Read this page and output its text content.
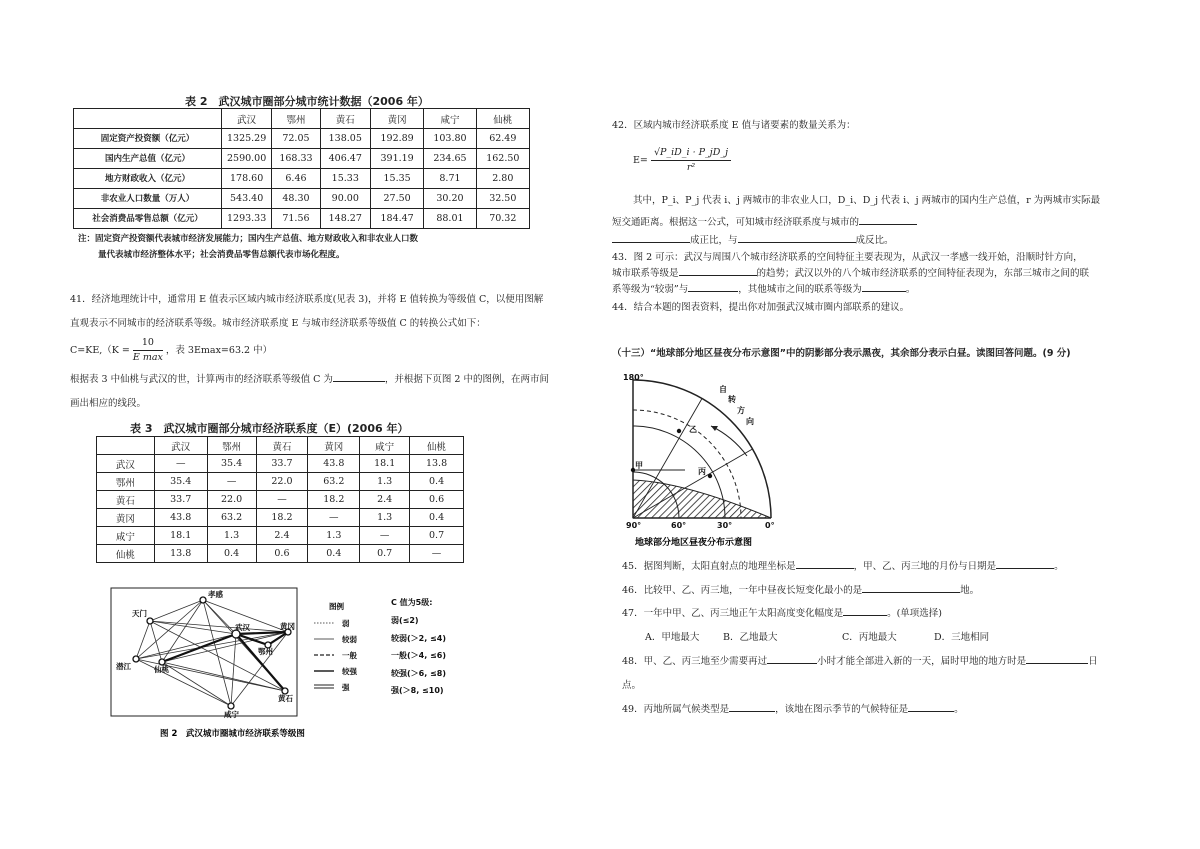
表 2　武汉城市圈部分城市统计数据（2006 年）
	武汉	鄂州	黄石	黄冈	咸宁	仙桃
固定资产投资额（亿元）	1325.29	72.05	138.05	192.89	103.80	62.49
国内生产总值（亿元）	2590.00	168.33	406.47	391.19	234.65	162.50
地方财政收入（亿元）	178.60	6.46	15.33	15.35	8.71	2.80
非农业人口数量（万人）	543.40	48.30	90.00	27.50	30.20	32.50
社会消费品零售总额（亿元）	1293.33	71.56	148.27	184.47	88.01	70.32
注：固定资产投资额代表城市经济发展能力；国内生产总值、地方财政收入和非农业人口数
量代表城市经济整体水平；社会消费品零售总额代表市场化程度。
41．经济地理统计中，通常用 E 值表示区域内城市经济联系度(见表 3)，并将 E 值转换为等级值 C，以便用图解
直观表示不同城市的经济联系等级。城市经济联系度 E 与城市经济联系等级值 C 的转换公式如下：
C=KE,（K =
10
E max
，表 3Emax=63.2 中）
根据表 3 中仙桃与武汉的世，计算两市的经济联系等级值 C 为	，并根据下页图 2 中的图例，在两市间
画出相应的线段。
表 3　武汉城市圈部分城市经济联系度（E）(2006 年）
	武汉	鄂州	黄石	黄冈	咸宁	仙桃
武汉	—	35.4	33.7	43.8	18.1	13.8
鄂州	35.4	—	22.0	63.2	1.3	0.4
黄石	33.7	22.0	—	18.2	2.4	0.6
黄冈	43.8	63.2	18.2	—	1.3	0.4
咸宁	18.1	1.3	2.4	1.3	—	0.7
仙桃	13.8	0.4	0.6	0.4	0.7	—
孝感
天门
武汉	黄冈
鄂州
潜江	仙桃
黄石
咸宁
图例
弱
较弱
一般
较强
强
C 值为5级:
弱(≤2)
较弱(＞2, ≤4)
一般(＞4, ≤6)
较强(＞6, ≤8)
强(＞8, ≤10)
图 2　武汉城市圈城市经济联系等级图
42．区域内城市经济联系度 E 值与诸要素的数量关系为：
$E= \frac{√P\_iD\_i \cdot P\_jD\_j}{\text{r²}}$
其中，P_i、P_j 代表 i、j 两城市的非农业人口，D_i、D_j 代表 i、j 两城市的国内生产总值，r 为两城市实际最
短交通距离。根据这一公式，可知城市经济联系度与城市的
成正比，与	成反比。
43．图 2 可示：武汉与周围八个城市经济联系的空间特征主要表现为，从武汉一孝感一线开始，沿顺时针方向，
城市联系等级是	的趋势；武汉以外的八个城市经济联系的空间特征表现为，东部三城市之间的联
系等级为“较弱”与	，其他城市之间的联系等级为	。
44．结合本题的图表资料，提出你对加强武汉城市圈内部联系的建议。
（十三）“地球部分地区昼夜分布示意图”中的阴影部分表示黑夜，其余部分表示白昼。读图回答问题。(9 分)
180°
甲
乙
丙
自
转
方
向
90°	60°	30°	0°
地球部分地区昼夜分布示意图
45．据图判断，太阳直射点的地理坐标是	，甲、乙、丙三地的月份与日期是	。
46．比较甲、乙、丙三地，一年中昼夜长短变化最小的是	地。
47．一年中甲、乙、丙三地正午太阳高度变化幅度是	。(单项选择)
A．甲地最大 B．乙地最大	C．丙地最大	D．三地相同
48．甲、乙、丙三地至少需要再过	小时才能全部进入新的一天，届时甲地的地方时是	日
点。
49．丙地所属气候类型是	，该地在图示季节的气候特征是	。
